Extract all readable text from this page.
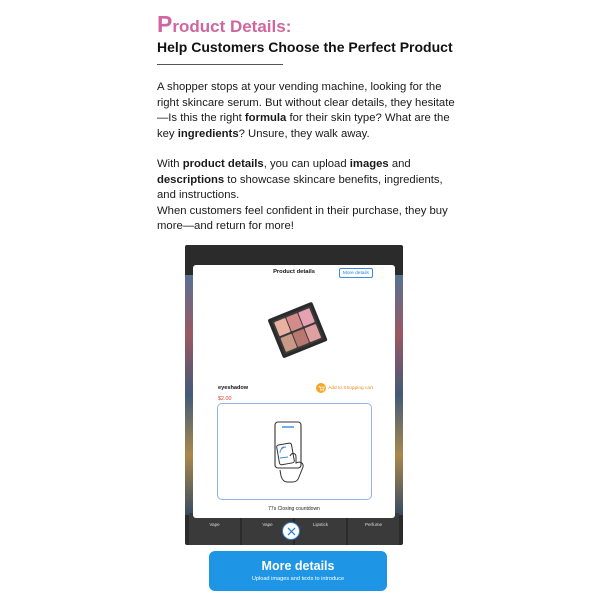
Product Details:
Help Customers Choose the Perfect Product
A shopper stops at your vending machine, looking for the right skincare serum. But without clear details, they hesitate—Is this the right formula for their skin type? What are the key ingredients? Unsure, they walk away.
With product details, you can upload images and descriptions to showcase skincare benefits, ingredients, and instructions.
When customers feel confident in their purchase, they buy more—and return for more!
Vape	Vape	Lipstick	Perfume
Product details	More details
eyeshadow
$2.00
Add to Shopping cart
77s Closing countdown
More details
Upload images and texts to introduce
